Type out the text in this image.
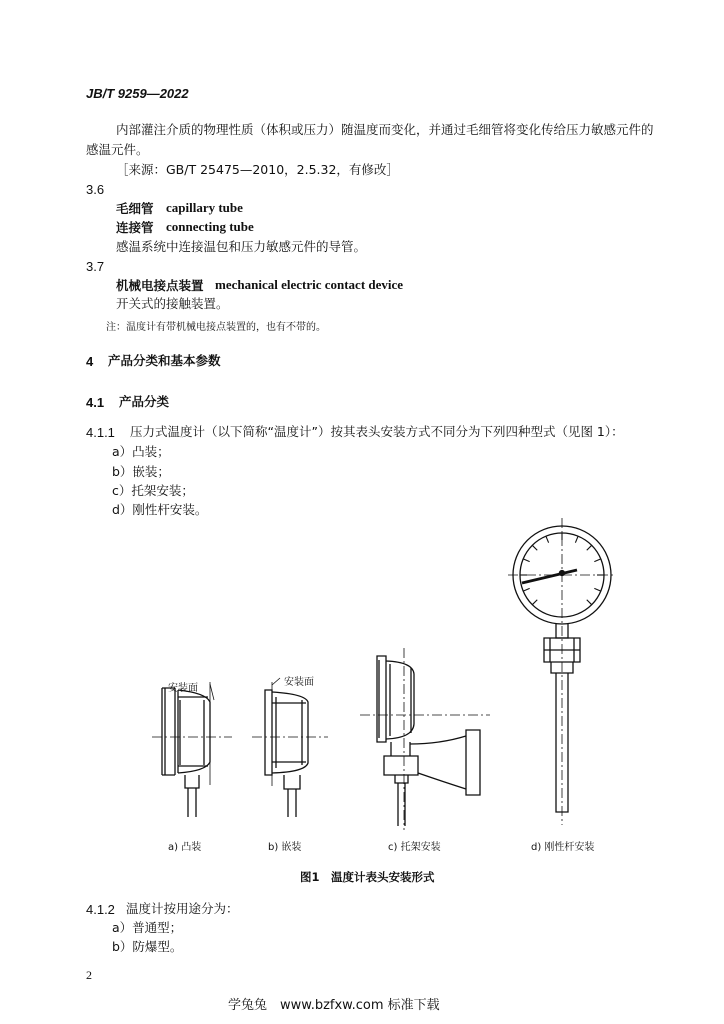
JB/T 9259—2022
内部灌注介质的物理性质（体积或压力）随温度而变化，并通过毛细管将变化传给压力敏感元件的
感温元件。
［来源：GB/T 25475—2010，2.5.32，有修改］
3.6
毛细管 capillary tube
连接管 connecting tube
感温系统中连接温包和压力敏感元件的导管。
3.7
机械电接点装置 mechanical electric contact device
开关式的接触装置。
注：温度计有带机械电接点装置的，也有不带的。
4 产品分类和基本参数
4.1 产品分类
4.1.1 压力式温度计（以下简称“温度计”）按其表头安装方式不同分为下列四种型式（见图 1）：
a）凸装；
b）嵌装；
c）托架安装；
d）刚性杆安装。
安装面
安装面
a) 凸装	b) 嵌装	c) 托架安装	d) 刚性杆安装
图1　温度计表头安装形式
4.1.2 温度计按用途分为：
a）普通型；
b）防爆型。
2
学兔兔　www.bzfxw.com 标准下载
